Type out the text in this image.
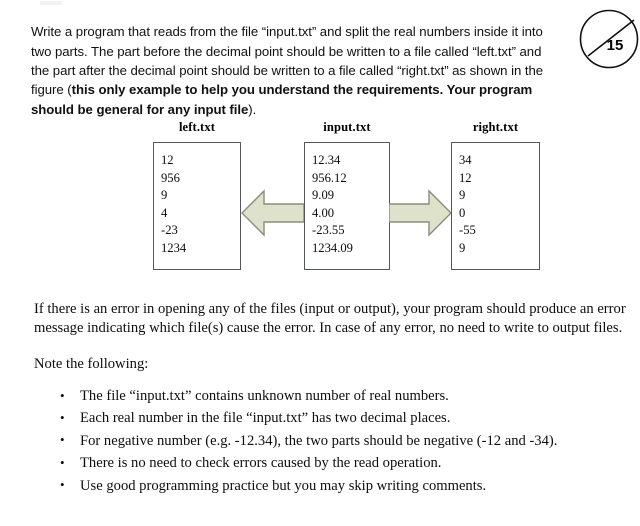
Write a program that reads from the file “input.txt” and split the real numbers inside it into two parts. The part before the decimal point should be written to a file called “left.txt” and the part after the decimal point should be written to a file called “right.txt” as shown in the figure (this only example to help you understand the requirements. Your program should be general for any input file).

15
left.txt
12
956
9
4
-23
1234
input.txt
12.34
956.12
9.09
4.00
-23.55
1234.09
right.txt
34
12
9
0
-55
9

If there is an error in opening any of the files (input or output), your program should produce an error message indicating which file(s) cause the error. In case of any error, no need to write to output files.

Note the following:
• The file “input.txt” contains unknown number of real numbers.
• Each real number in the file “input.txt” has two decimal places.
• For negative number (e.g. -12.34), the two parts should be negative (-12 and -34).
• There is no need to check errors caused by the read operation.
• Use good programming practice but you may skip writing comments.
